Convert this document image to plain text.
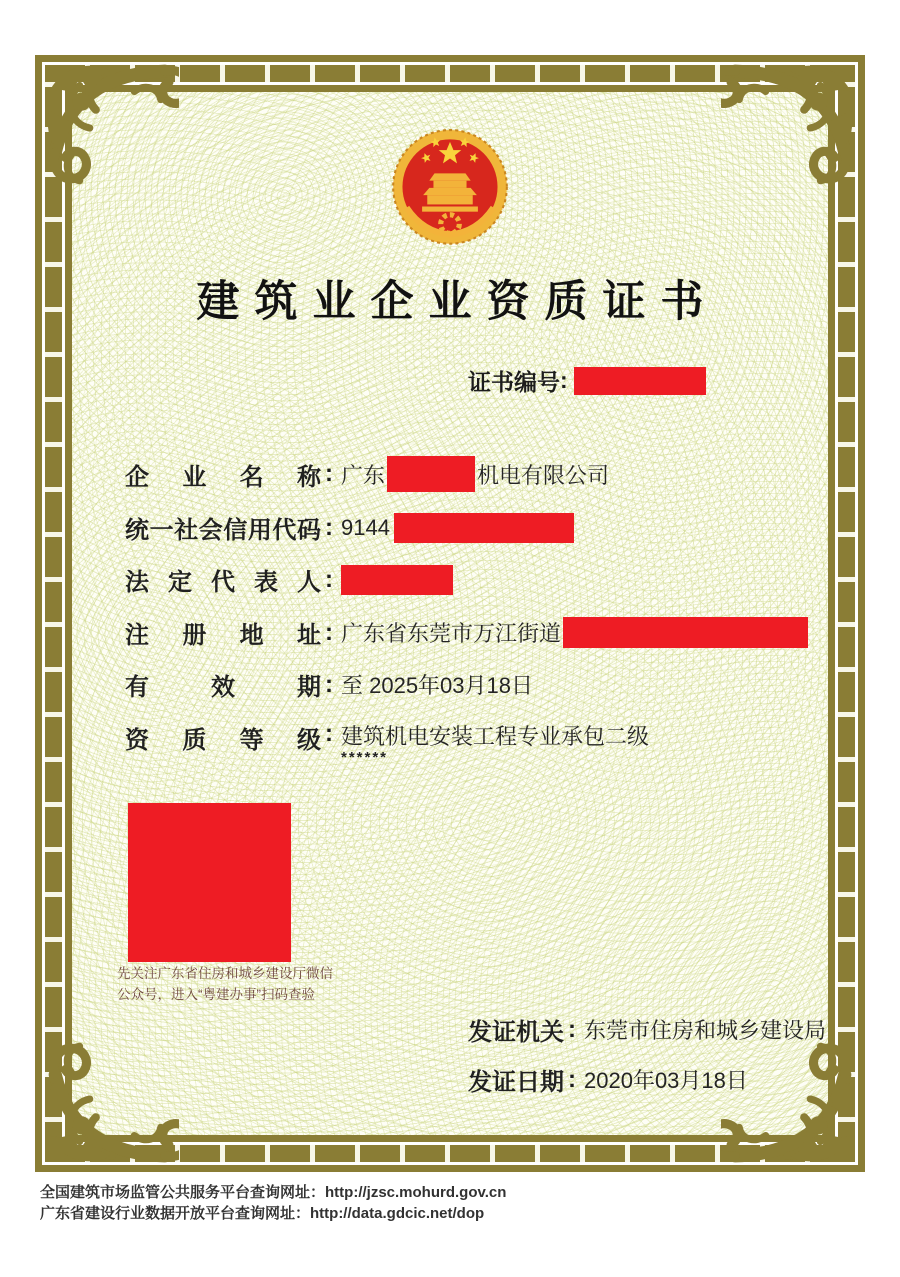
建筑业企业资质证书
证书编号 :
企 业 名 称 : 广东	机电有限公司
统一社会信用代码 : 9144
法 定 代 表 人 :
注 册 地 址 : 广东省东莞市万江街道
有 效 期 : 至 2025年03月18日
资 质 等 级 : 建筑机电安装工程专业承包二级
******
先关注广东省住房和城乡建设厅微信
公众号，进入“粤建办事”扫码查验
发证机关 : 东莞市住房和城乡建设局
发证日期 : 2020年03月18日
全国建筑市场监管公共服务平台查询网址：http://jzsc.mohurd.gov.cn
广东省建设行业数据开放平台查询网址：http://data.gdcic.net/dop
